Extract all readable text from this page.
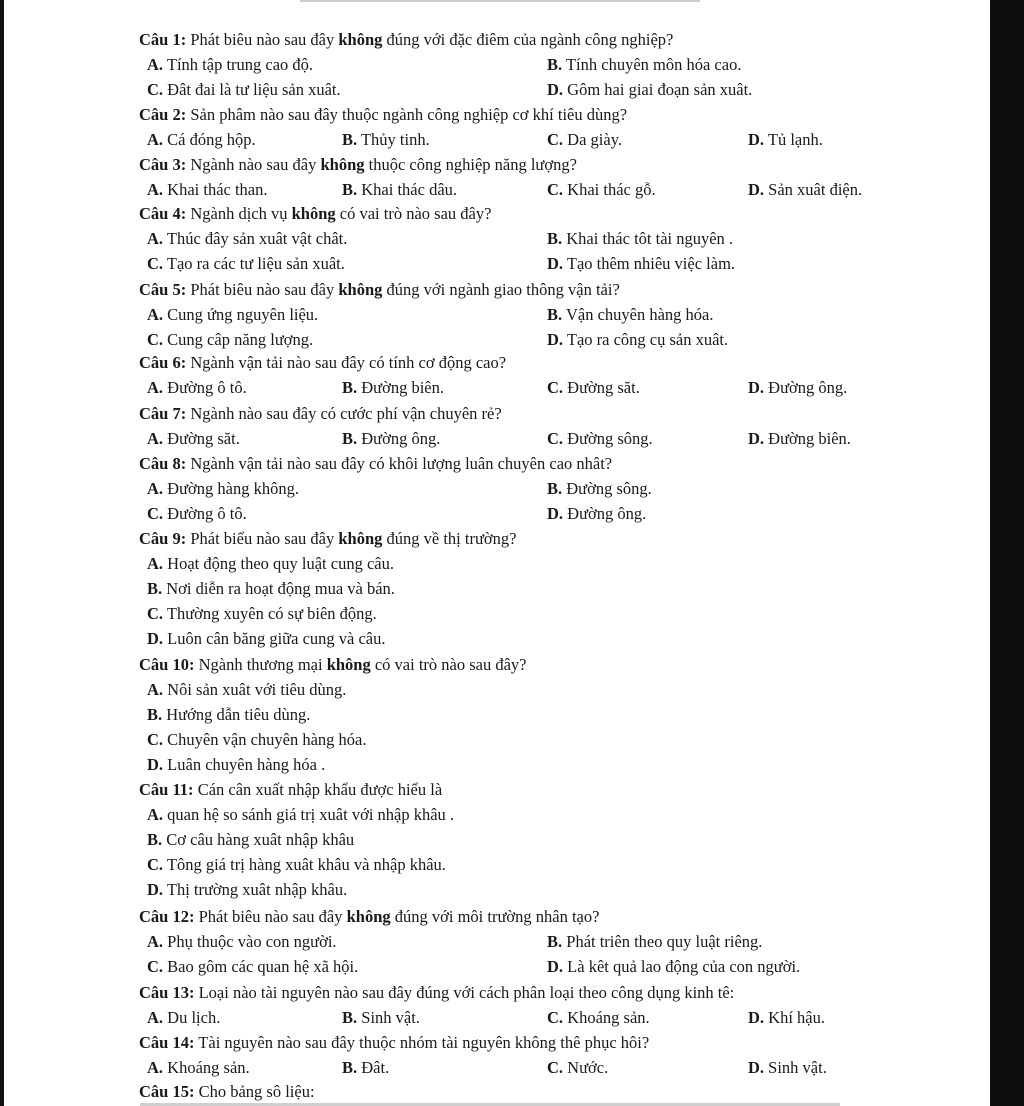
Câu 1: Phát biêu nào sau đây không đúng với đặc điêm của ngành công nghiệp?
A. Tính tập trung cao độ.	B. Tính chuyên môn hóa cao.
C. Đât đai là tư liệu sản xuât.	D. Gôm hai giai đoạn sản xuât.
Câu 2: Sản phâm nào sau đây thuộc ngành công nghiệp cơ khí tiêu dùng?
A. Cá đóng hộp.	B. Thủy tinh.	C. Da giày.	D. Tủ lạnh.
Câu 3: Ngành nào sau đây không thuộc công nghiệp năng lượng?
A. Khai thác than.	B. Khai thác dâu.	C. Khai thác gỗ.	D. Sản xuât điện.
Câu 4: Ngành dịch vụ không có vai trò nào sau đây?
A. Thúc đây sản xuât vật chât.	B. Khai thác tôt tài nguyên .
C. Tạo ra các tư liệu sản xuât.	D. Tạo thêm nhiêu việc làm.
Câu 5: Phát biêu nào sau đây không đúng với ngành giao thông vận tải?
A. Cung ứng nguyên liệu.	B. Vận chuyên hàng hóa.
C. Cung câp năng lượng.	D. Tạo ra công cụ sản xuât.
Câu 6: Ngành vận tải nào sau đây có tính cơ động cao?
A. Đường ô tô.	B. Đường biên.	C. Đường săt.	D. Đường ông.
Câu 7: Ngành nào sau đây có cước phí vận chuyên rẻ?
A. Đường săt.	B. Đường ông.	C. Đường sông.	D. Đường biên.
Câu 8: Ngành vận tải nào sau đây có khôi lượng luân chuyên cao nhât?
A. Đường hàng không.	B. Đường sông.
C. Đường ô tô.	D. Đường ông.
Câu 9: Phát biểu nào sau đây không đúng về thị trường?
A. Hoạt động theo quy luật cung câu.
B. Nơi diễn ra hoạt động mua và bán.
C. Thường xuyên có sự biên động.
D. Luôn cân băng giữa cung và câu.
Câu 10: Ngành thương mại không có vai trò nào sau đây?
A. Nôi sản xuât với tiêu dùng.
B. Hướng dẫn tiêu dùng.
C. Chuyên vận chuyên hàng hóa.
D. Luân chuyên hàng hóa .
Câu 11: Cán cân xuất nhập khẩu được hiểu là
A. quan hệ so sánh giá trị xuât với nhập khâu .
B. Cơ câu hàng xuât nhập khâu
C. Tông giá trị hàng xuât khâu và nhập khâu.
D. Thị trường xuât nhập khâu.
Câu 12: Phát biêu nào sau đây không đúng với môi trường nhân tạo?
A. Phụ thuộc vào con người.	B. Phát triên theo quy luật riêng.
C. Bao gôm các quan hệ xã hội.	D. Là kêt quả lao động của con người.
Câu 13: Loại nào tài nguyên nào sau đây đúng với cách phân loại theo công dụng kinh tê:
A. Du lịch.	B. Sinh vật.	C. Khoáng sản.	D. Khí hậu.
Câu 14: Tài nguyên nào sau đây thuộc nhóm tài nguyên không thê phục hôi?
A. Khoáng sản.	B. Đât.	C. Nước.	D. Sinh vật.
Câu 15: Cho bảng sô liệu:
